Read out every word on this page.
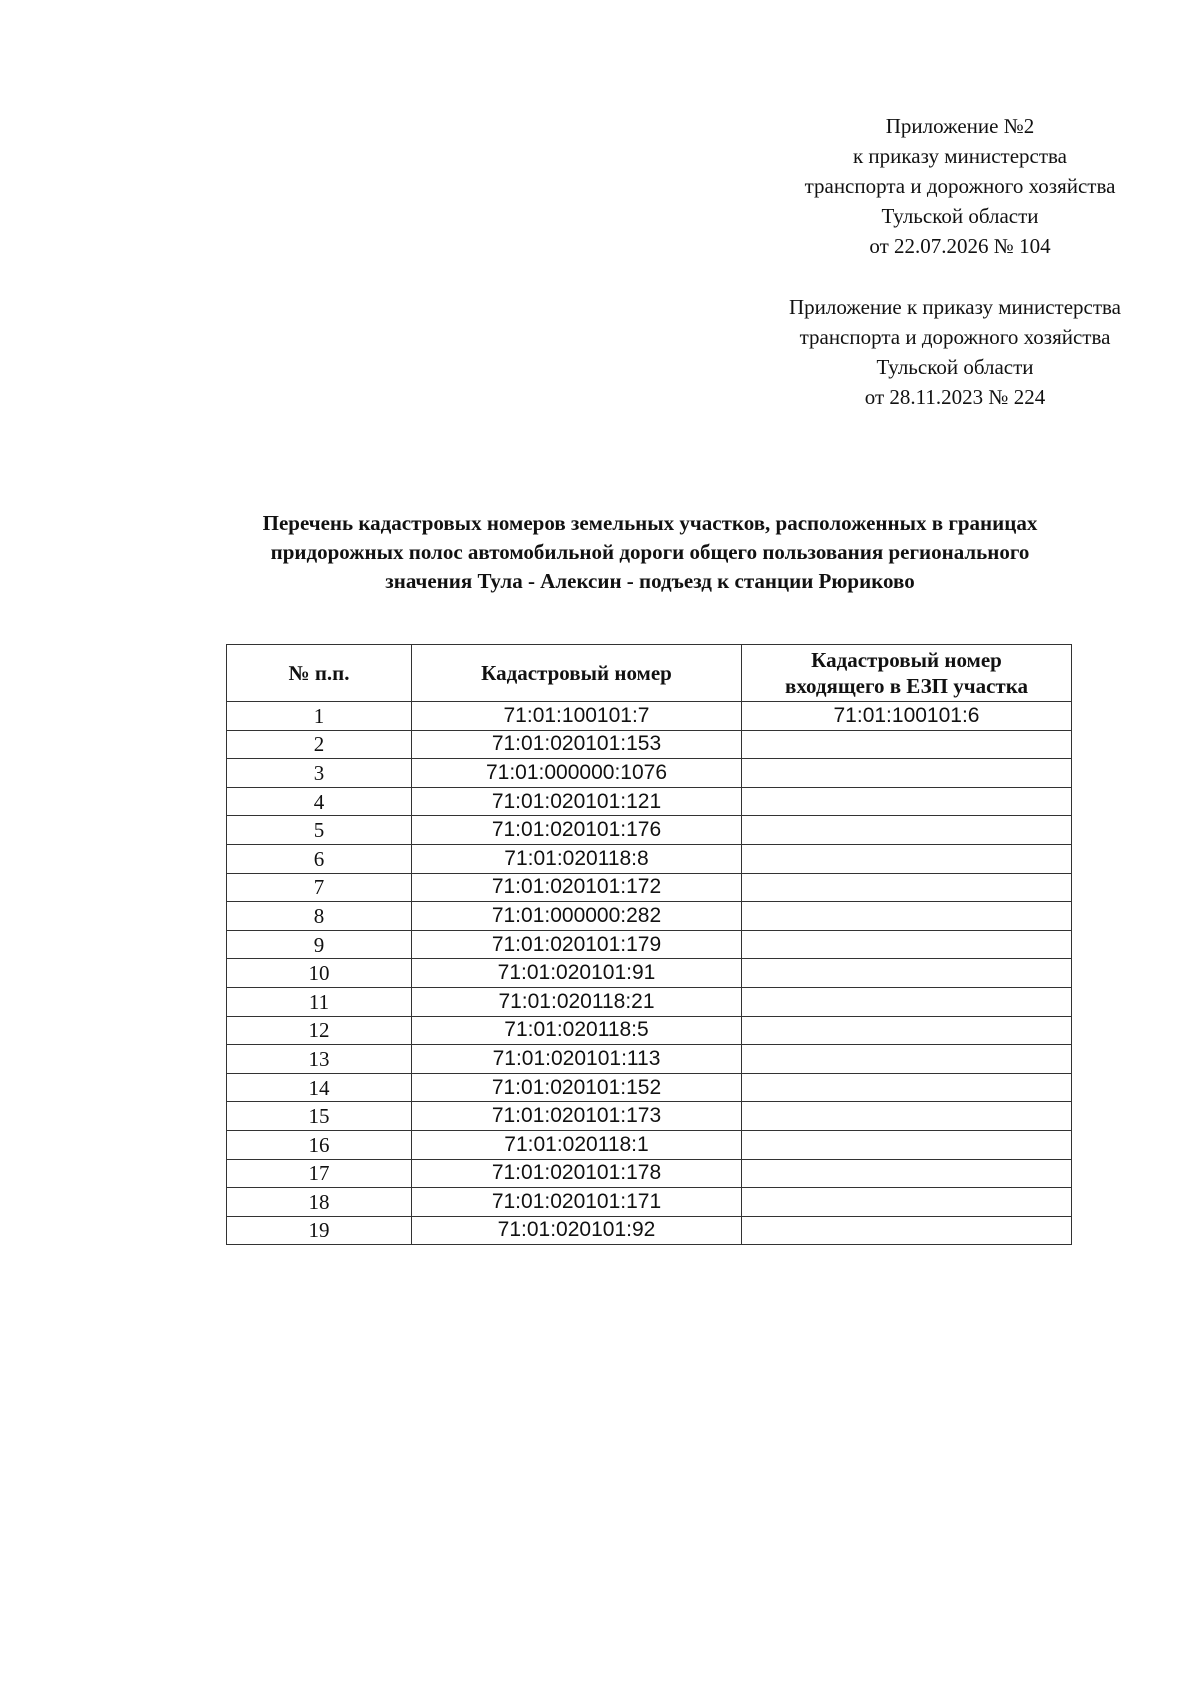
Приложение №2
к приказу министерства
транспорта и дорожного хозяйства
Тульской области
от 22.07.2026 № 104
Приложение к приказу министерства
транспорта и дорожного хозяйства
Тульской области
от 28.11.2023 № 224
Перечень кадастровых номеров земельных участков, расположенных в границах
придорожных полос автомобильной дороги общего пользования регионального
значения Тула - Алексин - подъезд к станции Рюриково
№ п.п.	Кадастровый номер	Кадастровый номер
входящего в ЕЗП участка

1	71:01:100101:7	71:01:100101:6
2	71:01:020101:153	
3	71:01:000000:1076	
4	71:01:020101:121	
5	71:01:020101:176	
6	71:01:020118:8	
7	71:01:020101:172	
8	71:01:000000:282	
9	71:01:020101:179	
10	71:01:020101:91	
11	71:01:020118:21	
12	71:01:020118:5	
13	71:01:020101:113	
14	71:01:020101:152	
15	71:01:020101:173	
16	71:01:020118:1	
17	71:01:020101:178	
18	71:01:020101:171	
19	71:01:020101:92	
